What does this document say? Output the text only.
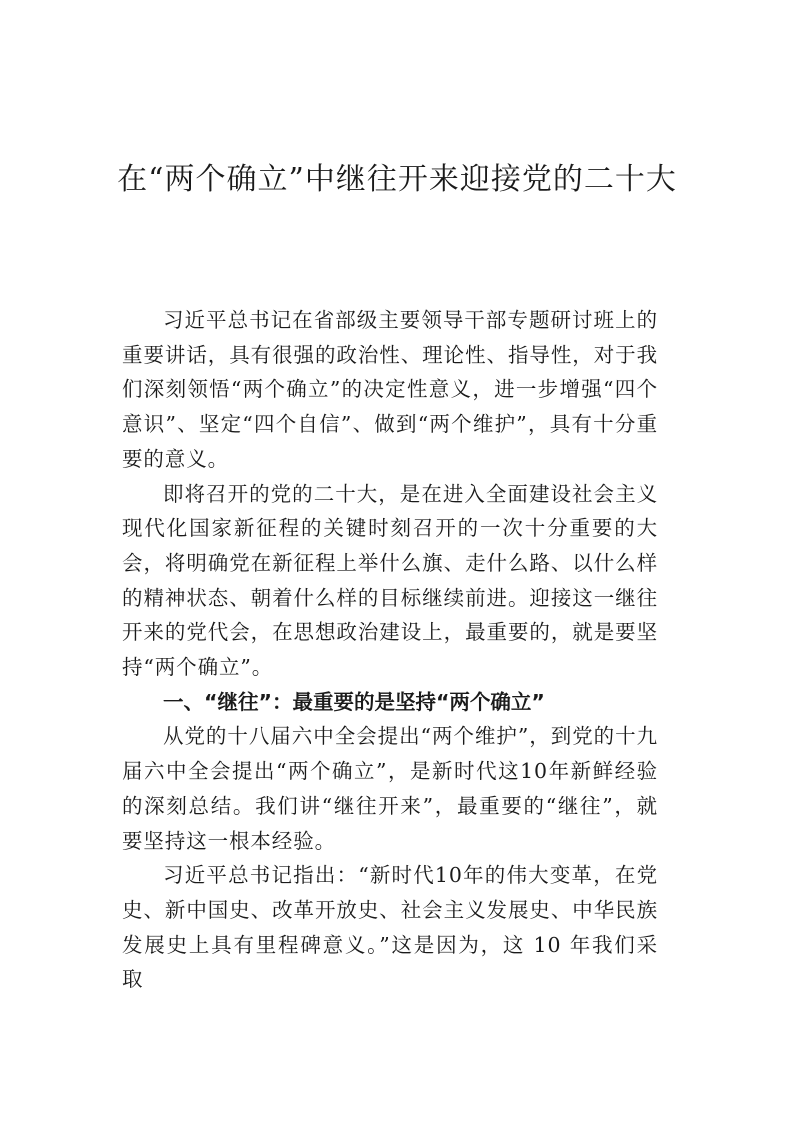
在“两个确立”中继往开来迎接党的二十大

习近平总书记在省部级主要领导干部专题研讨班上的重要讲话，具有很强的政治性、理论性、指导性，对于我们深刻领悟“两个确立”的决定性意义，进一步增强“四个意识”、坚定“四个自信”、做到“两个维护”，具有十分重要的意义。

即将召开的党的二十大，是在进入全面建设社会主义现代化国家新征程的关键时刻召开的一次十分重要的大会，将明确党在新征程上举什么旗、走什么路、以什么样的精神状态、朝着什么样的目标继续前进。迎接这一继往开来的党代会，在思想政治建设上，最重要的，就是要坚持“两个确立”。

一、“继往”：最重要的是坚持“两个确立”

从党的十八届六中全会提出“两个维护”，到党的十九届六中全会提出“两个确立”，是新时代这10年新鲜经验的深刻总结。我们讲“继往开来”，最重要的“继往”，就要坚持这一根本经验。

习近平总书记指出：“新时代10年的伟大变革，在党史、新中国史、改革开放史、社会主义发展史、中华民族发展史上具有里程碑意义。”这是因为，这 10 年我们采取
